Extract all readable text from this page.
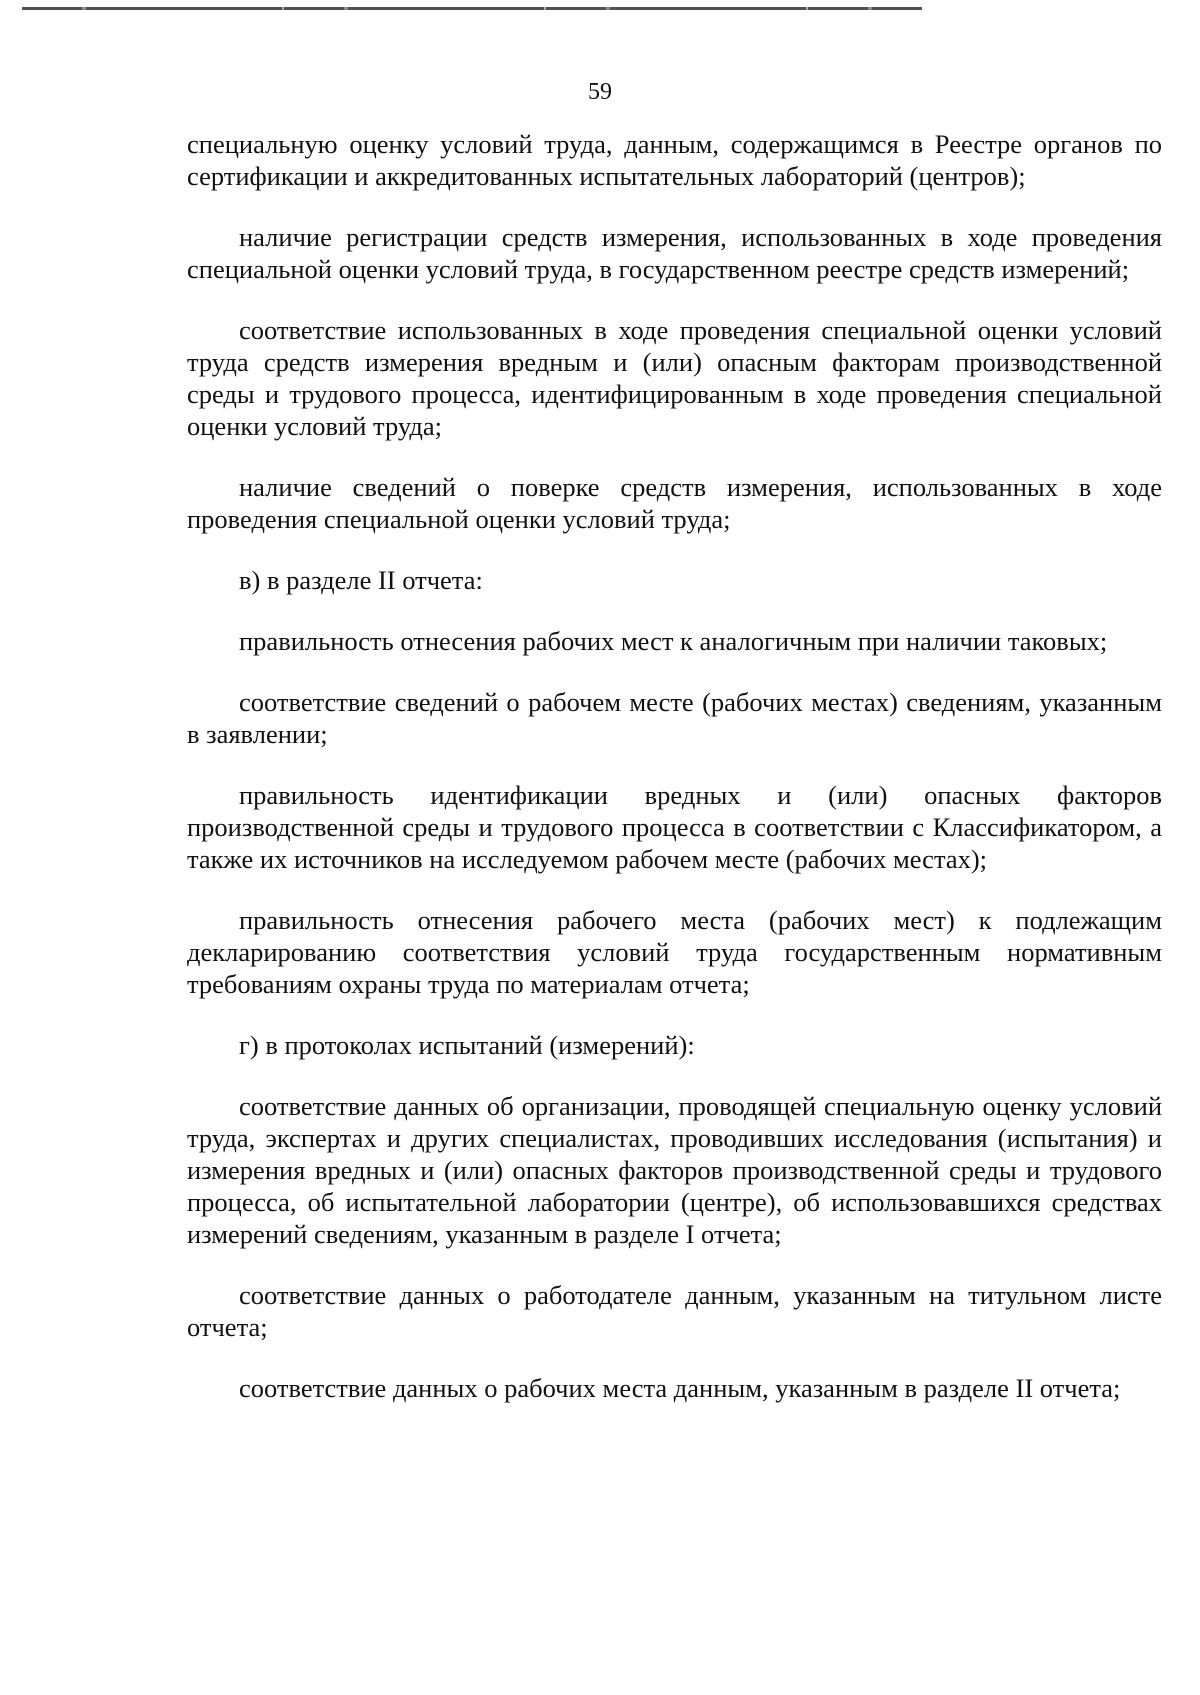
59

специальную оценку условий труда, данным, содержащимся в Реестре органов по сертификации и аккредитованных испытательных лабораторий (центров);

наличие регистрации средств измерения, использованных в ходе проведения специальной оценки условий труда, в государственном реестре средств измерений;

соответствие использованных в ходе проведения специальной оценки условий труда средств измерения вредным и (или) опасным факторам производственной среды и трудового процесса, идентифицированным в ходе проведения специальной оценки условий труда;

наличие сведений о поверке средств измерения, использованных в ходе проведения специальной оценки условий труда;

в) в разделе II отчета:

правильность отнесения рабочих мест к аналогичным при наличии таковых;

соответствие сведений о рабочем месте (рабочих местах) сведениям, указанным в заявлении;

правильность идентификации вредных и (или) опасных факторов производственной среды и трудового процесса в соответствии с Классификатором, а также их источников на исследуемом рабочем месте (рабочих местах);

правильность отнесения рабочего места (рабочих мест) к подлежащим декларированию соответствия условий труда государственным нормативным требованиям охраны труда по материалам отчета;

г) в протоколах испытаний (измерений):

соответствие данных об организации, проводящей специальную оценку условий труда, экспертах и других специалистах, проводивших исследования (испытания) и измерения вредных и (или) опасных факторов производственной среды и трудового процесса, об испытательной лаборатории (центре), об использовавшихся средствах измерений сведениям, указанным в разделе I отчета;

соответствие данных о работодателе данным, указанным на титульном листе отчета;

соответствие данных о рабочих места данным, указанным в разделе II отчета;
